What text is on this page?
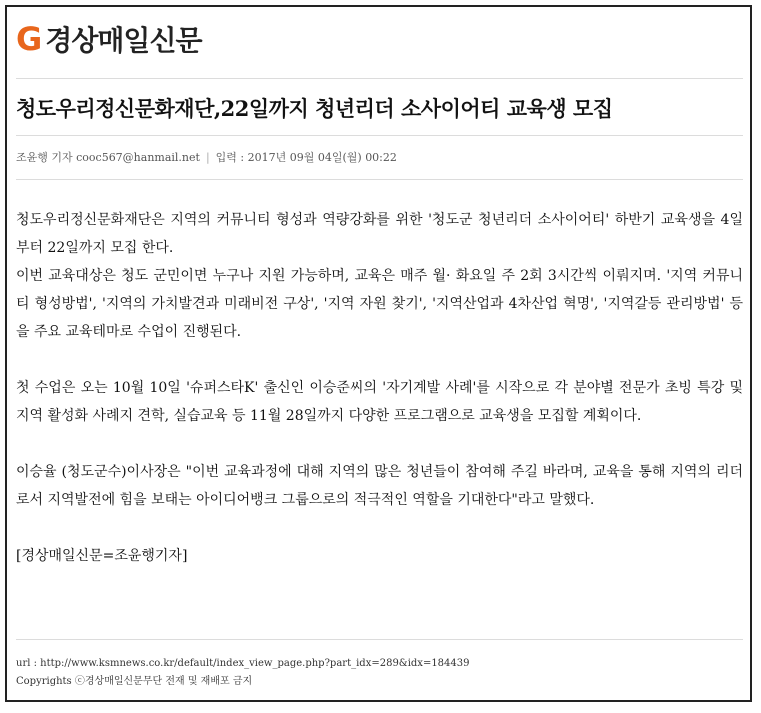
G 경상매일신문
청도우리정신문화재단,22일까지 청년리더 소사이어티 교육생 모집
조윤행 기자 cooc567@hanmail.net | 입력 : 2017년 09월 04일(월) 00:22

청도우리정신문화재단은 지역의 커뮤니티 형성과 역량강화를 위한 '청도군 청년리더 소사이어티' 하반기 교육생을 4일부터 22일까지 모집 한다.

이번 교육대상은 청도 군민이면 누구나 지원 가능하며, 교육은 매주 월· 화요일 주 2회 3시간씩 이뤄지며. '지역 커뮤니티 형성방법', '지역의 가치발견과 미래비전 구상', '지역 자원 찾기', '지역산업과 4차산업 혁명', '지역갈등 관리방법' 등을 주요 교육테마로 수업이 진행된다.

첫 수업은 오는 10월 10일 '슈퍼스타K' 출신인 이승준씨의 '자기계발 사례'를 시작으로 각 분야별 전문가 초빙 특강 및 지역 활성화 사례지 견학, 실습교육 등 11월 28일까지 다양한 프로그램으로 교육생을 모집할 계획이다.

이승율 (청도군수)이사장은 "이번 교육과정에 대해 지역의 많은 청년들이 참여해 주길 바라며, 교육을 통해 지역의 리더로서 지역발전에 힘을 보태는 아이디어뱅크 그룹으로의 적극적인 역할을 기대한다"라고 말했다.

[경상매일신문=조윤행기자]

url : http://www.ksmnews.co.kr/default/index_view_page.php?part_idx=289&idx=184439
Copyrights ⓒ경상매일신문무단 전재 및 재배포 금지
